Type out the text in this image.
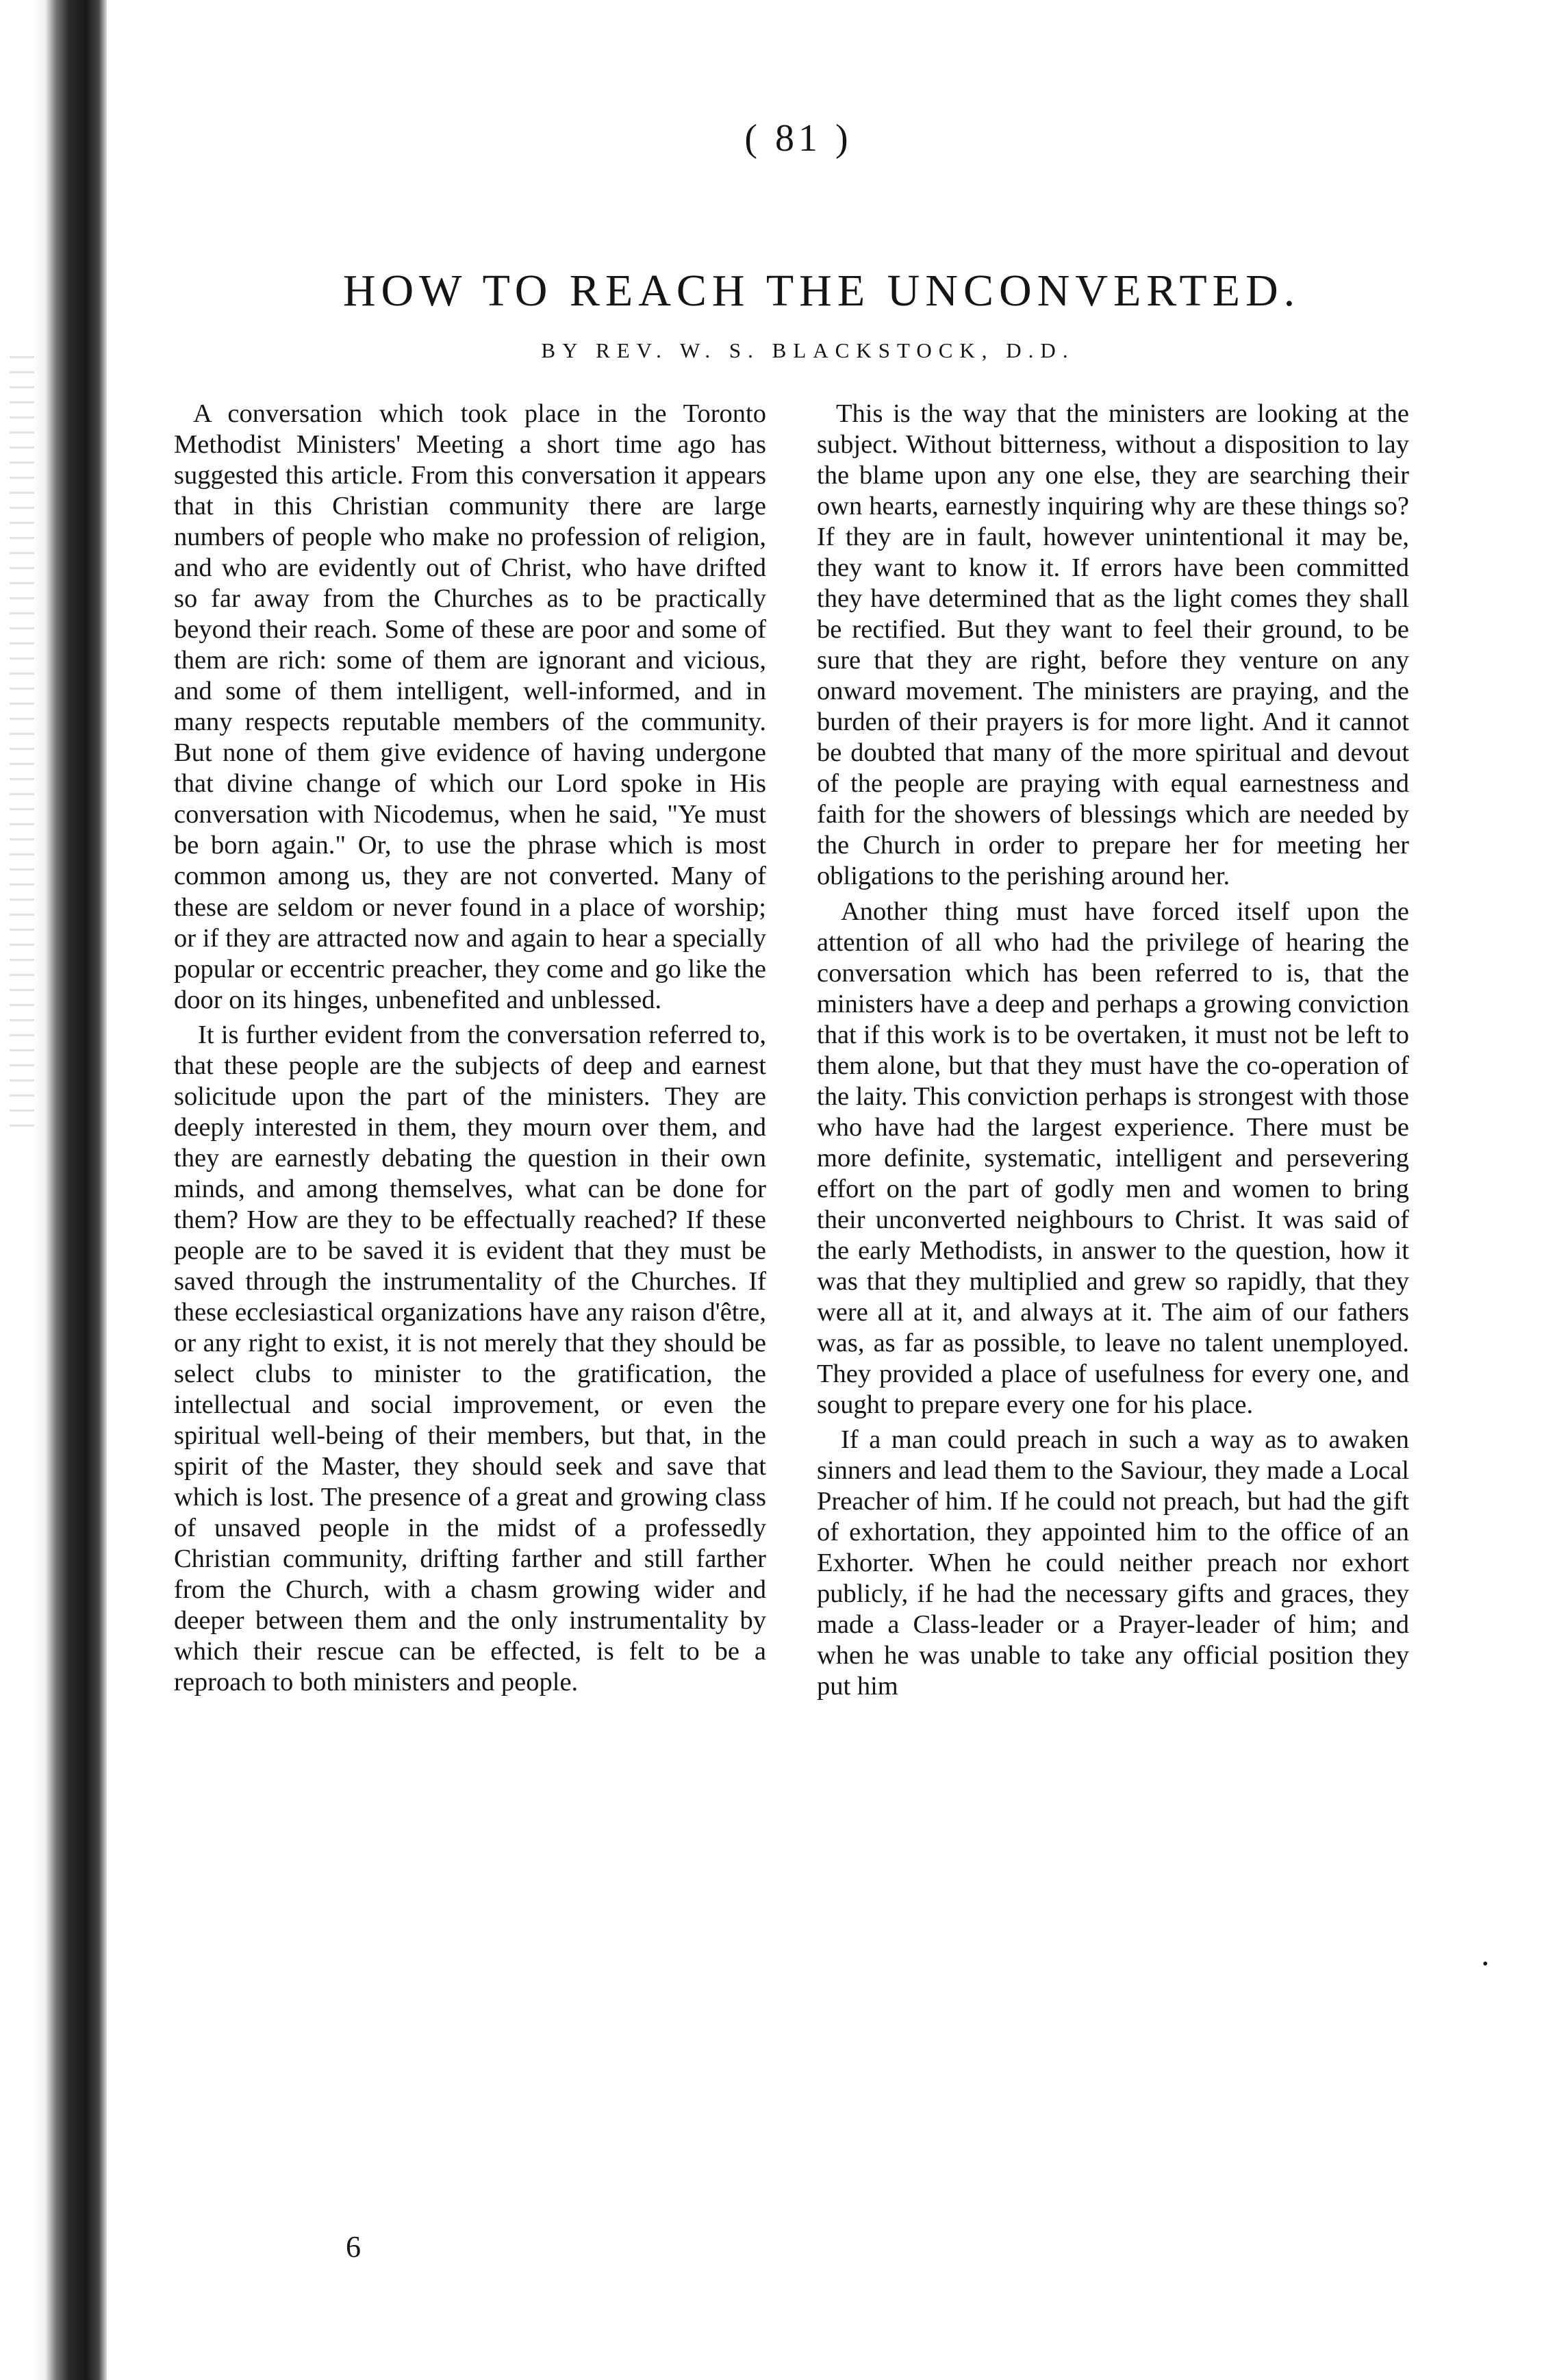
( 81 )
HOW TO REACH THE UNCONVERTED.
BY REV. W. S. BLACKSTOCK, D.D.

A conversation which took place in the Toronto Methodist Ministers' Meeting a short time ago has suggested this article. From this conversation it appears that in this Christian community there are large numbers of people who make no profession of religion, and who are evidently out of Christ, who have drifted so far away from the Churches as to be practically beyond their reach. Some of these are poor and some of them are rich: some of them are ignorant and vicious, and some of them intelligent, well-informed, and in many respects reputable members of the community. But none of them give evidence of having undergone that divine change of which our Lord spoke in His conversation with Nicodemus, when he said, "Ye must be born again." Or, to use the phrase which is most common among us, they are not converted. Many of these are seldom or never found in a place of worship; or if they are attracted now and again to hear a specially popular or eccentric preacher, they come and go like the door on its hinges, unbenefited and unblessed.

It is further evident from the conversation referred to, that these people are the subjects of deep and earnest solicitude upon the part of the ministers. They are deeply interested in them, they mourn over them, and they are earnestly debating the question in their own minds, and among themselves, what can be done for them? How are they to be effectually reached? If these people are to be saved it is evident that they must be saved through the instrumentality of the Churches. If these ecclesiastical organizations have any raison d'être, or any right to exist, it is not merely that they should be select clubs to minister to the gratification, the intellectual and social improvement, or even the spiritual well-being of their members, but that, in the spirit of the Master, they should seek and save that which is lost. The presence of a great and growing class of unsaved people in the midst of a professedly Christian community, drifting farther and still farther from the Church, with a chasm growing wider and deeper between them and the only instrumentality by which their rescue can be effected, is felt to be a reproach to both ministers and people.

This is the way that the ministers are looking at the subject. Without bitterness, without a disposition to lay the blame upon any one else, they are searching their own hearts, earnestly inquiring why are these things so? If they are in fault, however unintentional it may be, they want to know it. If errors have been committed they have determined that as the light comes they shall be rectified. But they want to feel their ground, to be sure that they are right, before they venture on any onward movement. The ministers are praying, and the burden of their prayers is for more light. And it cannot be doubted that many of the more spiritual and devout of the people are praying with equal earnestness and faith for the showers of blessings which are needed by the Church in order to prepare her for meeting her obligations to the perishing around her.

Another thing must have forced itself upon the attention of all who had the privilege of hearing the conversation which has been referred to is, that the ministers have a deep and perhaps a growing conviction that if this work is to be overtaken, it must not be left to them alone, but that they must have the co-operation of the laity. This conviction perhaps is strongest with those who have had the largest experience. There must be more definite, systematic, intelligent and persevering effort on the part of godly men and women to bring their unconverted neighbours to Christ. It was said of the early Methodists, in answer to the question, how it was that they multiplied and grew so rapidly, that they were all at it, and always at it. The aim of our fathers was, as far as possible, to leave no talent unemployed. They provided a place of usefulness for every one, and sought to prepare every one for his place.

If a man could preach in such a way as to awaken sinners and lead them to the Saviour, they made a Local Preacher of him. If he could not preach, but had the gift of exhortation, they appointed him to the office of an Exhorter. When he could neither preach nor exhort publicly, if he had the necessary gifts and graces, they made a Class-leader or a Prayer-leader of him; and when he was unable to take any official position they put him

6
•
